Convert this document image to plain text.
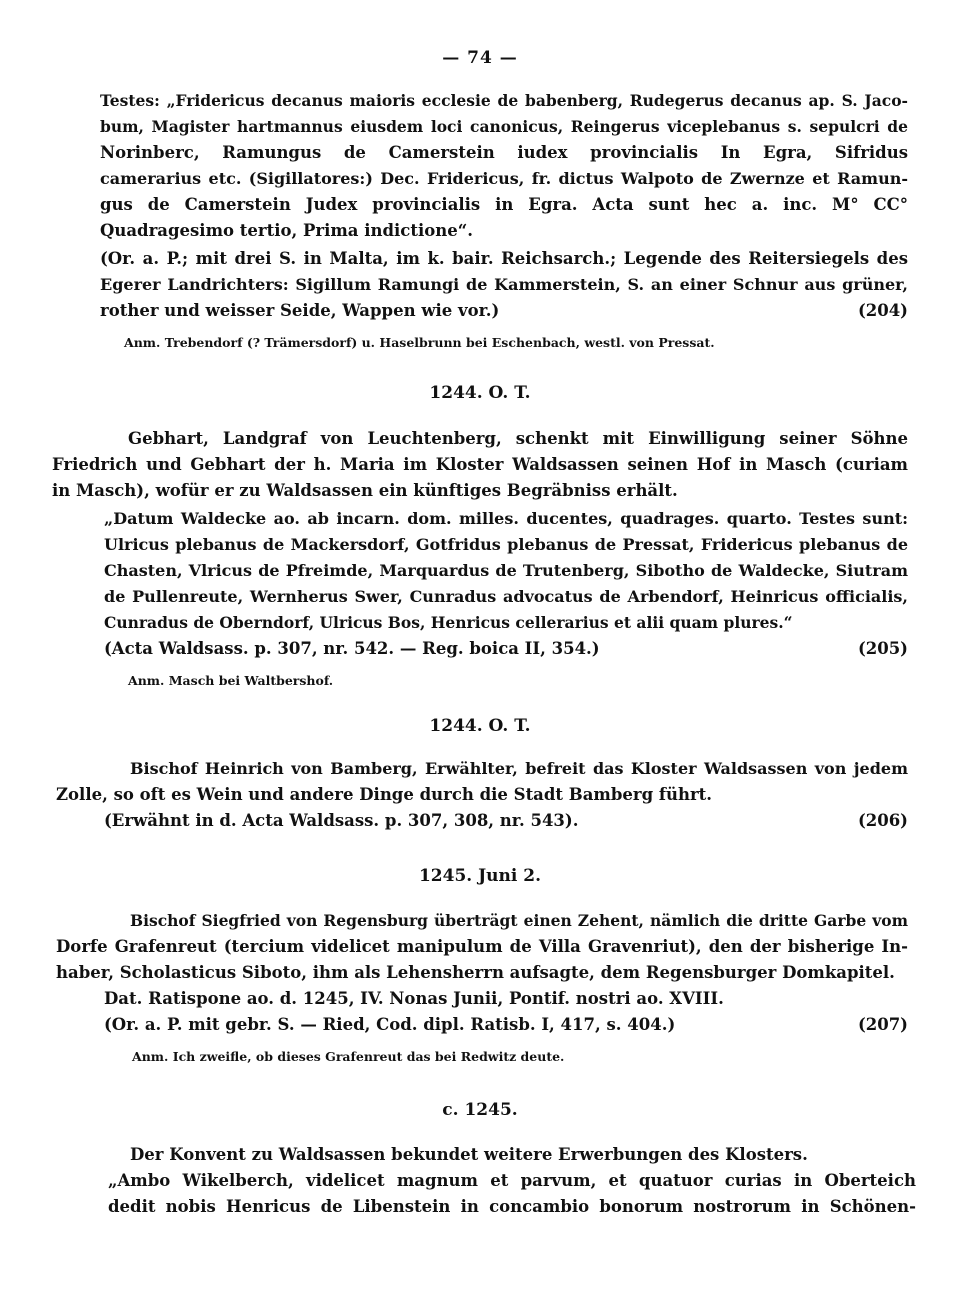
— 74 —
Testes: „Fridericus decanus maioris ecclesie de babenberg, Rudegerus decanus ap. S. Jaco-
bum, Magister hartmannus eiusdem loci canonicus, Reingerus viceplebanus s. sepulcri de
Norinberc, Ramungus de Camerstein iudex provincialis In Egra, Sifridus
camerarius etc. (Sigillatores:) Dec. Fridericus, fr. dictus Walpoto de Zwernze et Ramun-
gus de Camerstein Judex provincialis in Egra. Acta sunt hec a. inc. M° CC°
Quadragesimo tertio, Prima indictione“.
(Or. a. P.; mit drei S. in Malta, im k. bair. Reichsarch.; Legende des Reitersiegels des
Egerer Landrichters: Sigillum Ramungi de Kammerstein, S. an einer Schnur aus grüner,
rother und weisser Seide, Wappen wie vor.)	(204)
Anm. Trebendorf (? Trämersdorf) u. Haselbrunn bei Eschenbach, westl. von Pressat.
1244. O. T.
Gebhart, Landgraf von Leuchtenberg, schenkt mit Einwilligung seiner Söhne
Friedrich und Gebhart der h. Maria im Kloster Waldsassen seinen Hof in Masch (curiam
in Masch), wofür er zu Waldsassen ein künftiges Begräbniss erhält.
„Datum Waldecke ao. ab incarn. dom. milles. ducentes, quadrages. quarto. Testes sunt:
Ulricus plebanus de Mackersdorf, Gotfridus plebanus de Pressat, Fridericus plebanus de
Chasten, Vlricus de Pfreimde, Marquardus de Trutenberg, Sibotho de Waldecke, Siutram
de Pullenreute, Wernherus Swer, Cunradus advocatus de Arbendorf, Heinricus officialis,
Cunradus de Oberndorf, Ulricus Bos, Henricus cellerarius et alii quam plures.“
(Acta Waldsass. p. 307, nr. 542. — Reg. boica II, 354.)	(205)
Anm. Masch bei Waltbershof.
1244. O. T.
Bischof Heinrich von Bamberg, Erwählter, befreit das Kloster Waldsassen von jedem
Zolle, so oft es Wein und andere Dinge durch die Stadt Bamberg führt.
(Erwähnt in d. Acta Waldsass. p. 307, 308, nr. 543).	(206)
1245. Juni 2.
Bischof Siegfried von Regensburg überträgt einen Zehent, nämlich die dritte Garbe vom
Dorfe Grafenreut (tercium videlicet manipulum de Villa Gravenriut), den der bisherige In-
haber, Scholasticus Siboto, ihm als Lehensherrn aufsagte, dem Regensburger Domkapitel.
Dat. Ratispone ao. d. 1245, IV. Nonas Junii, Pontif. nostri ao. XVIII.
(Or. a. P. mit gebr. S. — Ried, Cod. dipl. Ratisb. I, 417, s. 404.)	(207)
Anm. Ich zweifle, ob dieses Grafenreut das bei Redwitz deute.
c. 1245.
Der Konvent zu Waldsassen bekundet weitere Erwerbungen des Klosters.
„Ambo Wikelberch, videlicet magnum et parvum, et quatuor curias in Oberteich
dedit nobis Henricus de Libenstein in concambio bonorum nostrorum in Schönen-
